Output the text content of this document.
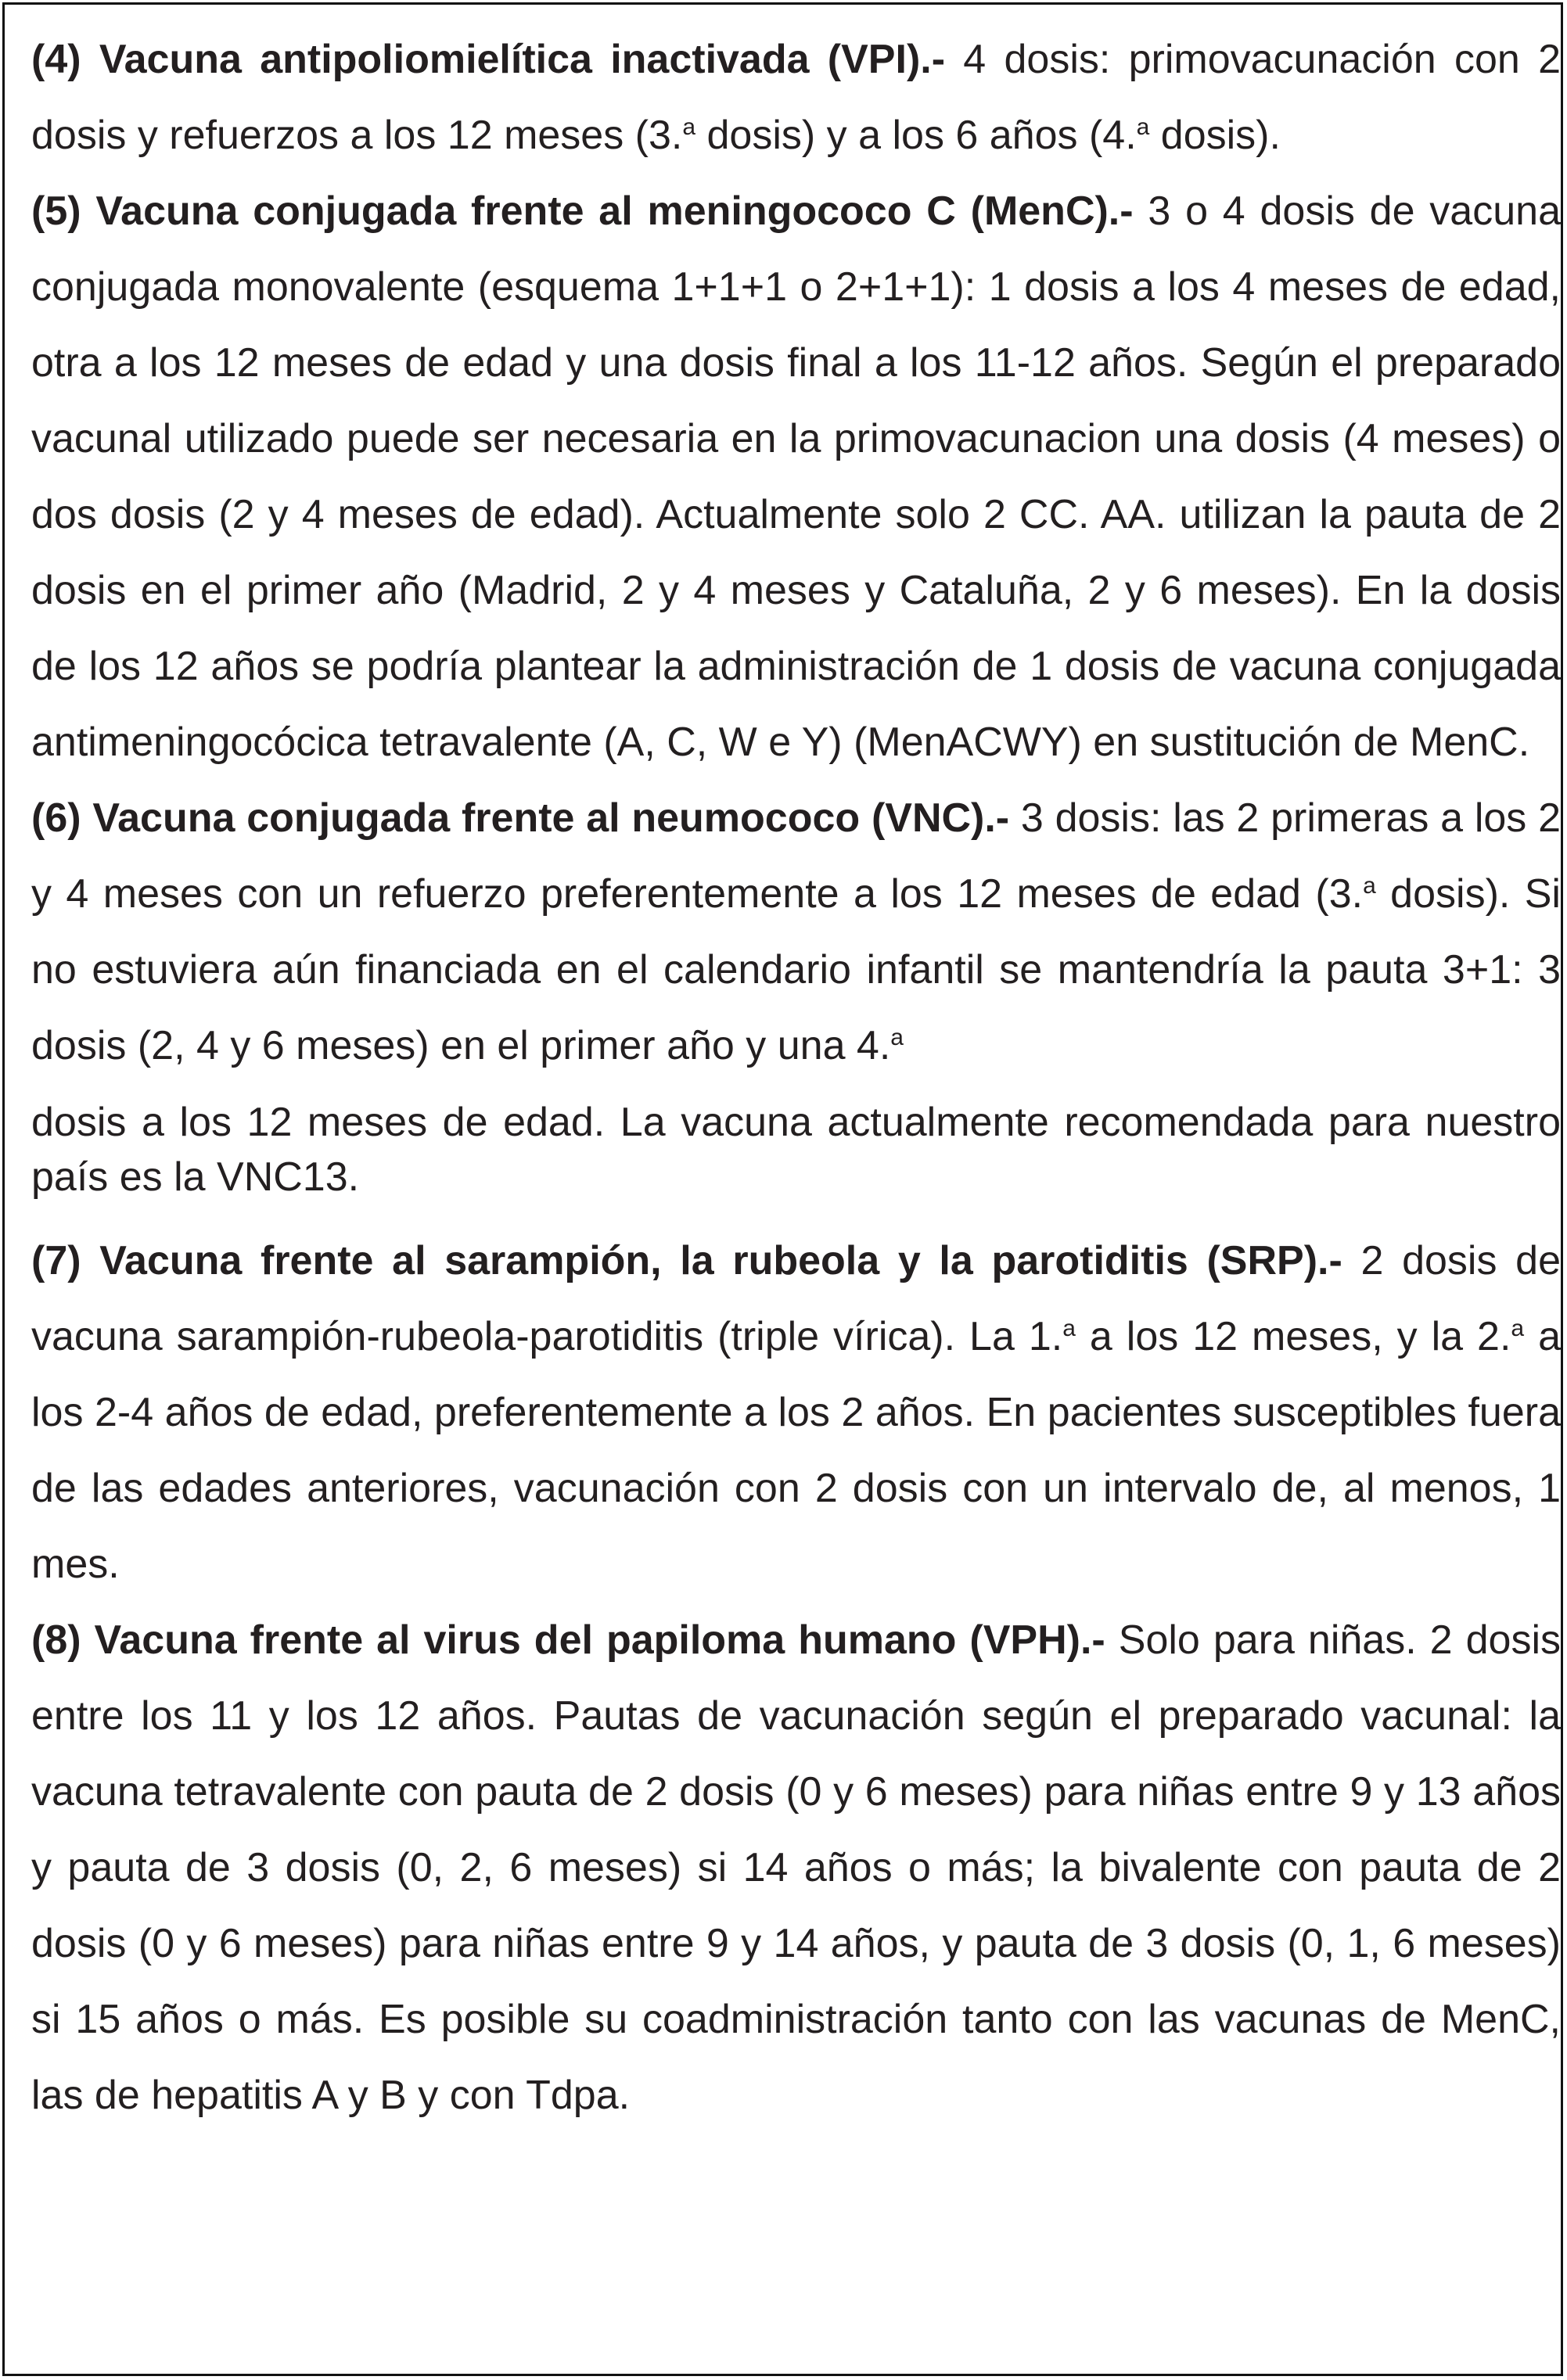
(4) Vacuna antipoliomielítica inactivada (VPI).- 4 dosis: primovacunación con 2 dosis y refuerzos a los 12 meses (3.$^a$ dosis) y a los 6 años (4.$^a$ dosis).

(5) Vacuna conjugada frente al meningococo C (MenC).- 3 o 4 dosis de vacuna conjugada monovalente (esquema 1+1+1 o 2+1+1): 1 dosis a los 4 meses de edad, otra a los 12 meses de edad y una dosis final a los 11-12 años. Según el preparado vacunal utilizado puede ser necesaria en la primovacunacion una dosis (4 meses) o dos dosis (2 y 4 meses de edad). Actualmente solo 2 CC. AA. utilizan la pauta de 2 dosis en el primer año (Madrid, 2 y 4 meses y Cataluña, 2 y 6 meses). En la dosis de los 12 años se podría plantear la administración de 1 dosis de vacuna conjugada antimeningocócica tetravalente (A, C, W e Y) (MenACWY) en sustitución de MenC.

(6) Vacuna conjugada frente al neumococo (VNC).- 3 dosis: las 2 primeras a los 2 y 4 meses con un refuerzo preferentemente a los 12 meses de edad (3.$^a$ dosis). Si no estuviera aún financiada en el calendario infantil se mantendría la pauta 3+1: 3 dosis (2, 4 y 6 meses) en el primer año y una 4.$^a$

dosis a los 12 meses de edad. La vacuna actualmente recomendada para nuestro país es la VNC13.

(7) Vacuna frente al sarampión, la rubeola y la parotiditis (SRP).- 2 dosis de vacuna sarampión-rubeola-parotiditis (triple vírica). La 1.$^a$ a los 12 meses, y la 2.$^a$ a los 2-4 años de edad, preferentemente a los 2 años. En pacientes susceptibles fuera de las edades anteriores, vacunación con 2 dosis con un intervalo de, al menos, 1 mes.

(8) Vacuna frente al virus del papiloma humano (VPH).- Solo para niñas. 2 dosis entre los 11 y los 12 años. Pautas de vacunación según el preparado vacunal: la vacuna tetravalente con pauta de 2 dosis (0 y 6 meses) para niñas entre 9 y 13 años y pauta de 3 dosis (0, 2, 6 meses) si 14 años o más; la bivalente con pauta de 2 dosis (0 y 6 meses) para niñas entre 9 y 14 años, y pauta de 3 dosis (0, 1, 6 meses) si 15 años o más. Es posible su coadministración tanto con las vacunas de MenC, las de hepatitis A y B y con Tdpa.
